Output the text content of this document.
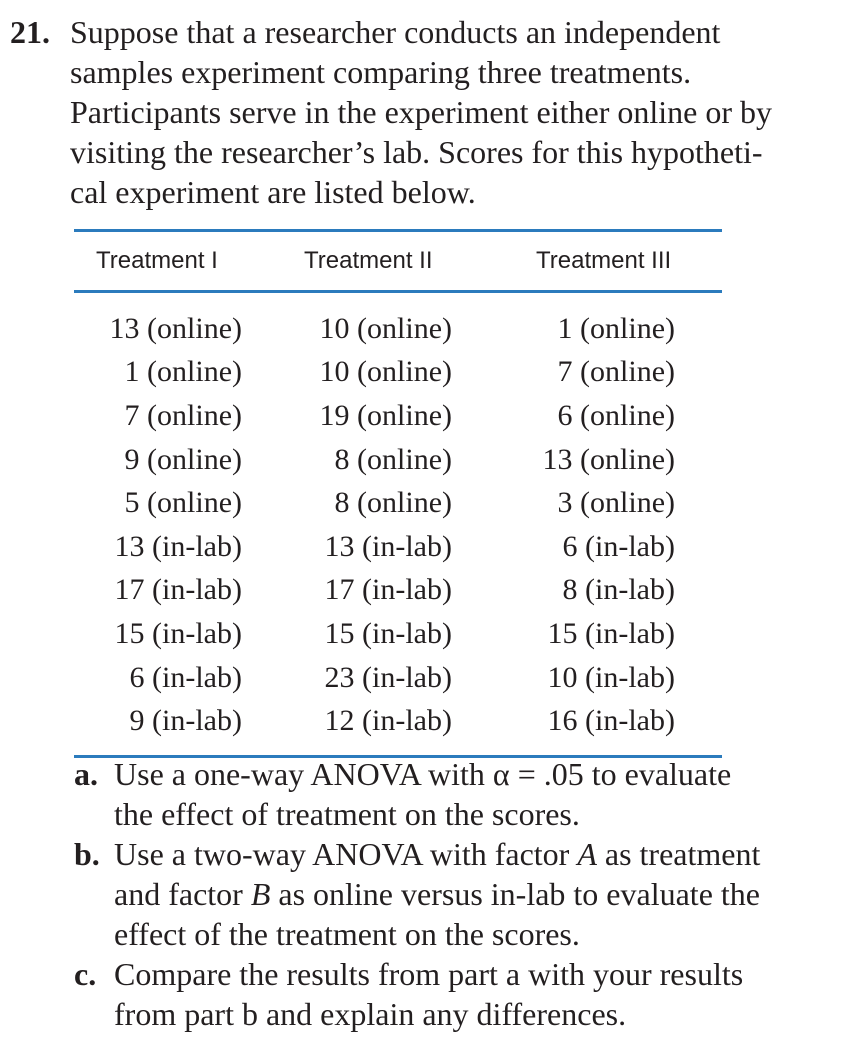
21. Suppose that a researcher conducts an independent
samples experiment comparing three treatments.
Participants serve in the experiment either online or by
visiting the researcher’s lab. Scores for this hypotheti-
cal experiment are listed below.
Treatment I	Treatment II	Treatment III
13 (online)	10 (online)	1 (online)
1 (online)	10 (online)	7 (online)
7 (online)	19 (online)	6 (online)
9 (online)	8 (online)	13 (online)
5 (online)	8 (online)	3 (online)
13 (in-lab)	13 (in-lab)	6 (in-lab)
17 (in-lab)	17 (in-lab)	8 (in-lab)
15 (in-lab)	15 (in-lab)	15 (in-lab)
6 (in-lab)	23 (in-lab)	10 (in-lab)
9 (in-lab)	12 (in-lab)	16 (in-lab)
a. Use a one-way ANOVA with α = .05 to evaluate
the effect of treatment on the scores.
b. Use a two-way ANOVA with factor A as treatment
and factor B as online versus in-lab to evaluate the
effect of the treatment on the scores.
c. Compare the results from part a with your results
from part b and explain any differences.
